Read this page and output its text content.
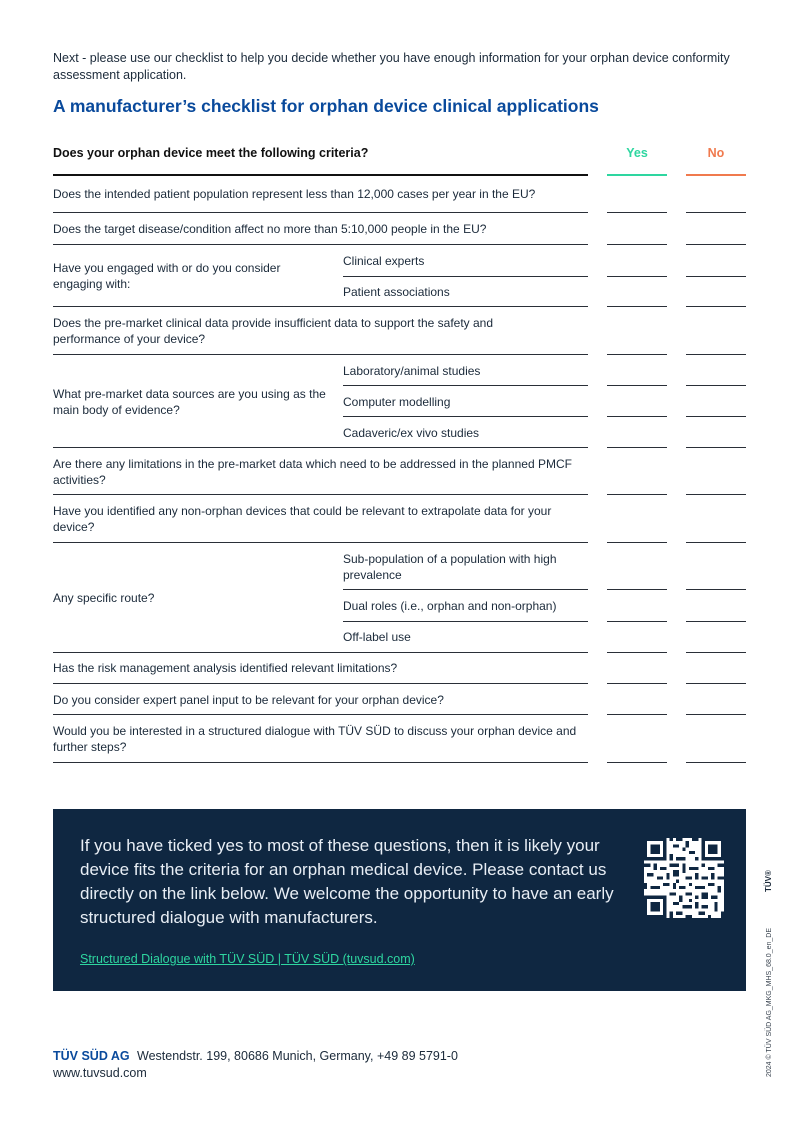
Next - please use our checklist to help you decide whether you have enough information for your orphan device conformity assessment application.
A manufacturer’s checklist for orphan device clinical applications
Does your orphan device meet the following criteria?	Yes	No
Does the intended patient population represent less than 12,000 cases per year in the EU?
Does the target disease/condition affect no more than 5:10,000 people in the EU?
Have you engaged with or do you consider engaging with:
Clinical experts
Patient associations
Does the pre-market clinical data provide insufficient data to support the safety and performance of your device?
What pre-market data sources are you using as the main body of evidence?
Laboratory/animal studies
Computer modelling
Cadaveric/ex vivo studies
Are there any limitations in the pre-market data which need to be addressed in the planned PMCF activities?
Have you identified any non-orphan devices that could be relevant to extrapolate data for your device?
Any specific route?
Sub-population of a population with high prevalence
Dual roles (i.e., orphan and non-orphan)
Off-label use
Has the risk management analysis identified relevant limitations?
Do you consider expert panel input to be relevant for your orphan device?
Would you be interested in a structured dialogue with TÜV SÜD to discuss your orphan device and further steps?
If you have ticked yes to most of these questions, then it is likely your device fits the criteria for an orphan medical device. Please contact us directly on the link below. We welcome the opportunity to have an early structured dialogue with manufacturers.
Structured Dialogue with TÜV SÜD | TÜV SÜD (tuvsud.com)
TÜV®
2024 © TÜV SÜD AG_MKG_MHS_68.0_en_DE
TÜV SÜD AG Westendstr. 199, 80686 Munich, Germany, +49 89 5791-0
www.tuvsud.com
